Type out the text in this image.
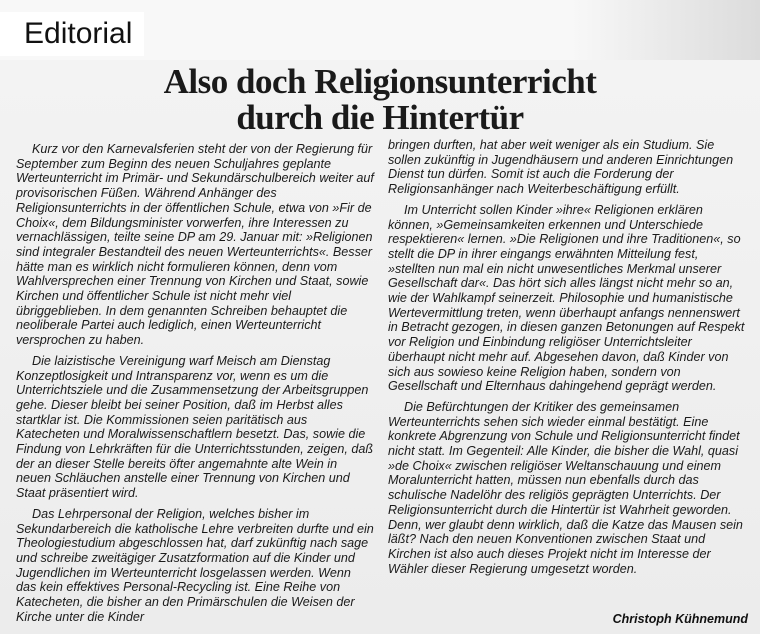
Editorial
Also doch Religionsunterricht
durch die Hintertür

Kurz vor den Karnevalsferien steht der von der Regierung für September zum Beginn des neuen Schuljahres geplante Werteunterricht im Primär- und Sekundärschulbereich weiter auf provisorischen Füßen. Während Anhänger des Religionsunterrichts in der öffentlichen Schule, etwa von »Fir de Choix«, dem Bildungsminister vorwerfen, ihre Interessen zu vernachlässigen, teilte seine DP am 29. Januar mit: »Religionen sind integraler Bestandteil des neuen Werteunterrichts«. Besser hätte man es wirklich nicht formulieren können, denn vom Wahlversprechen einer Trennung von Kirchen und Staat, sowie Kirchen und öffentlicher Schule ist nicht mehr viel übriggeblieben. In dem genannten Schreiben behauptet die neoliberale Partei auch lediglich, einen Werteunterricht versprochen zu haben.

Die laizistische Vereinigung warf Meisch am Dienstag Konzeptlosigkeit und Intransparenz vor, wenn es um die Unterrichtsziele und die Zusammensetzung der Arbeitsgruppen gehe. Dieser bleibt bei seiner Position, daß im Herbst alles startklar ist. Die Kommissionen seien paritätisch aus Katecheten und Moralwissenschaftlern besetzt. Das, sowie die Findung von Lehrkräften für die Unterrichtsstunden, zeigen, daß der an dieser Stelle bereits öfter angemahnte alte Wein in neuen Schläuchen anstelle einer Trennung von Kirchen und Staat präsentiert wird.

Das Lehrpersonal der Religion, welches bisher im Sekundarbereich die katholische Lehre verbreiten durfte und ein Theologiestudium abgeschlossen hat, darf zukünftig nach sage und schreibe zweitägiger Zusatzformation auf die Kinder und Jugendlichen im Werteunterricht losgelassen werden. Wenn das kein effektives Personal-Recycling ist. Eine Reihe von Katecheten, die bisher an den Primärschulen die Weisen der Kirche unter die Kinder

bringen durften, hat aber weit weniger als ein Studium. Sie sollen zukünftig in Jugendhäusern und anderen Einrichtungen Dienst tun dürfen. Somit ist auch die Forderung der Religionsanhänger nach Weiterbeschäftigung erfüllt.

Im Unterricht sollen Kinder »ihre« Religionen erklären können, »Gemeinsamkeiten erkennen und Unterschiede respektieren« lernen. »Die Religionen und ihre Traditionen«, so stellt die DP in ihrer eingangs erwähnten Mitteilung fest, »stellten nun mal ein nicht unwesentliches Merkmal unserer Gesellschaft dar«. Das hört sich alles längst nicht mehr so an, wie der Wahlkampf seinerzeit. Philosophie und humanistische Wertevermittlung treten, wenn überhaupt anfangs nennenswert in Betracht gezogen, in diesen ganzen Betonungen auf Respekt vor Religion und Einbindung religiöser Unterrichtsleiter überhaupt nicht mehr auf. Abgesehen davon, daß Kinder von sich aus sowieso keine Religion haben, sondern von Gesellschaft und Elternhaus dahingehend geprägt werden.

Die Befürchtungen der Kritiker des gemeinsamen Werteunterrichts sehen sich wieder einmal bestätigt. Eine konkrete Abgrenzung von Schule und Religionsunterricht findet nicht statt. Im Gegenteil: Alle Kinder, die bisher die Wahl, quasi »de Choix« zwischen religiöser Weltanschauung und einem Moralunterricht hatten, müssen nun ebenfalls durch das schulische Nadelöhr des religiös geprägten Unterrichts. Der Religionsunterricht durch die Hintertür ist Wahrheit geworden. Denn, wer glaubt denn wirklich, daß die Katze das Mausen sein läßt? Nach den neuen Konventionen zwischen Staat und Kirchen ist also auch dieses Projekt nicht im Interesse der Wähler dieser Regierung umgesetzt worden.

Christoph Kühnemund
